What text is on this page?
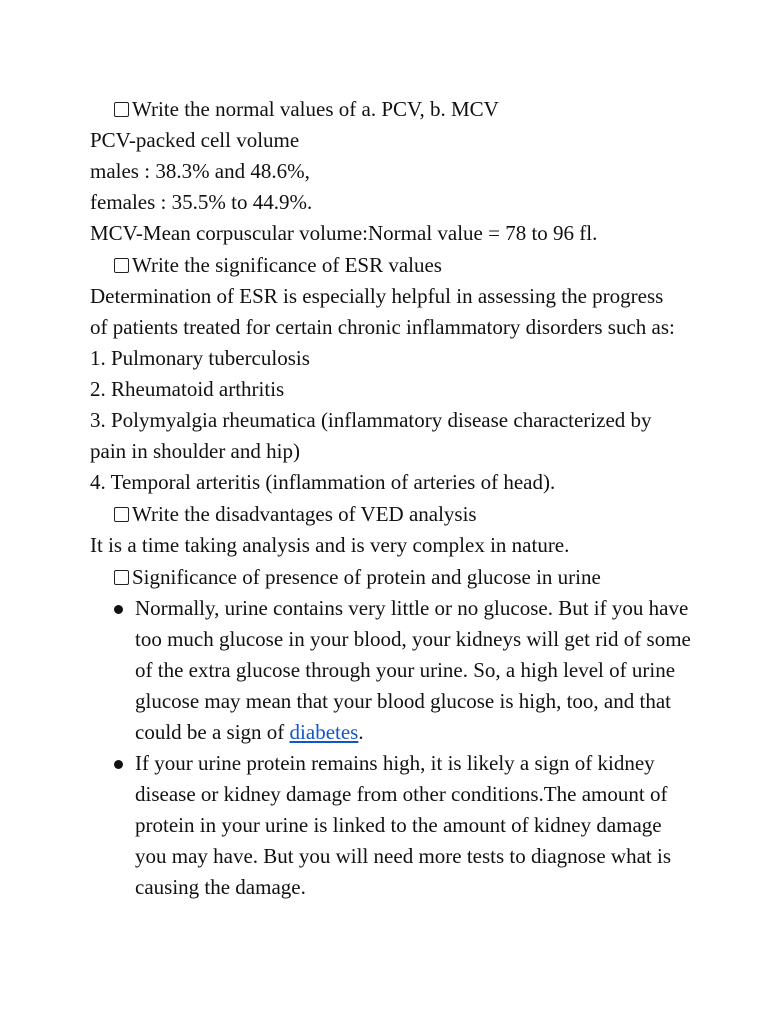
Write the normal values of a. PCV, b. MCV
PCV-packed cell volume
males : 38.3% and 48.6%,
females : 35.5% to 44.9%.
MCV-Mean corpuscular volume:Normal value = 78 to 96 fl.
Write the significance of ESR values
Determination of ESR is especially helpful in assessing the progress of patients treated for certain chronic inflammatory disorders such as:
1. Pulmonary tuberculosis
2. Rheumatoid arthritis
3. Polymyalgia rheumatica (inflammatory disease characterized by pain in shoulder and hip)
4. Temporal arteritis (inflammation of arteries of head).
Write the disadvantages of VED analysis
It is a time taking analysis and is very complex in nature.
Significance of presence of protein and glucose in urine
Normally, urine contains very little or no glucose. But if you have too much glucose in your blood, your kidneys will get rid of some of the extra glucose through your urine. So, a high level of urine glucose may mean that your blood glucose is high, too, and that could be a sign of diabetes.
If your urine protein remains high, it is likely a sign of kidney disease or kidney damage from other conditions.The amount of protein in your urine is linked to the amount of kidney damage you may have. But you will need more tests to diagnose what is causing the damage.
